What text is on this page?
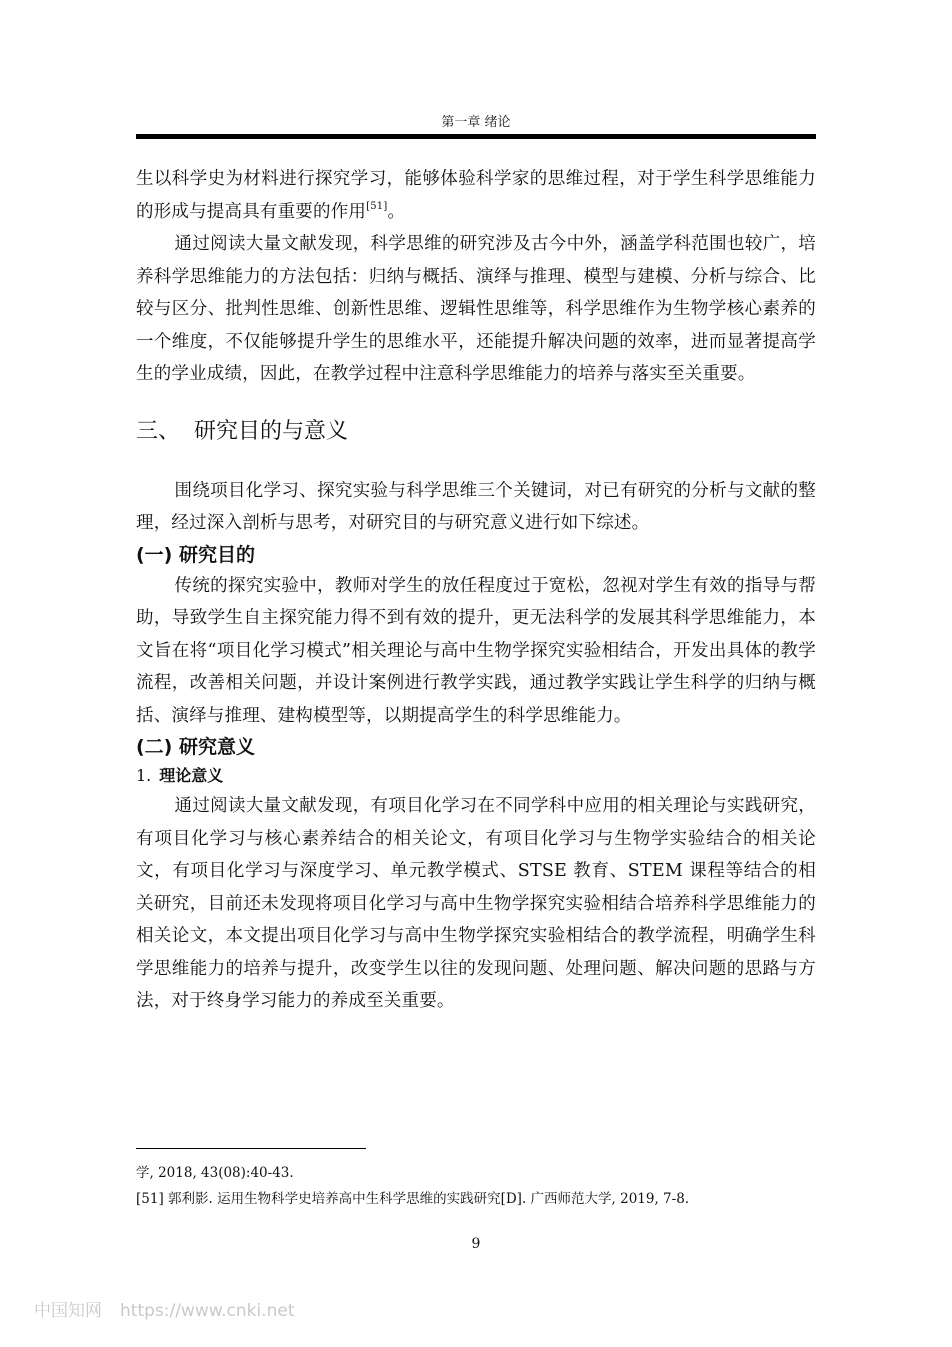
第一章 绪论

生以科学史为材料进行探究学习，能够体验科学家的思维过程，对于学生科学思维能力的形成与提高具有重要的作用[51]。

通过阅读大量文献发现，科学思维的研究涉及古今中外，涵盖学科范围也较广，培养科学思维能力的方法包括：归纳与概括、演绎与推理、模型与建模、分析与综合、比较与区分、批判性思维、创新性思维、逻辑性思维等，科学思维作为生物学核心素养的一个维度，不仅能够提升学生的思维水平，还能提升解决问题的效率，进而显著提高学生的学业成绩，因此，在教学过程中注意科学思维能力的培养与落实至关重要。

三、 研究目的与意义

围绕项目化学习、探究实验与科学思维三个关键词，对已有研究的分析与文献的整理，经过深入剖析与思考，对研究目的与研究意义进行如下综述。

(一) 研究目的

传统的探究实验中，教师对学生的放任程度过于宽松，忽视对学生有效的指导与帮助，导致学生自主探究能力得不到有效的提升，更无法科学的发展其科学思维能力，本文旨在将“项目化学习模式”相关理论与高中生物学探究实验相结合，开发出具体的教学流程，改善相关问题，并设计案例进行教学实践，通过教学实践让学生科学的归纳与概括、演绎与推理、建构模型等，以期提高学生的科学思维能力。

(二) 研究意义
1. 理论意义

通过阅读大量文献发现，有项目化学习在不同学科中应用的相关理论与实践研究，有项目化学习与核心素养结合的相关论文，有项目化学习与生物学实验结合的相关论文，有项目化学习与深度学习、单元教学模式、STSE 教育、STEM 课程等结合的相关研究，目前还未发现将项目化学习与高中生物学探究实验相结合培养科学思维能力的相关论文，本文提出项目化学习与高中生物学探究实验相结合的教学流程，明确学生科学思维能力的培养与提升，改变学生以往的发现问题、处理问题、解决问题的思路与方法，对于终身学习能力的养成至关重要。

学, 2018, 43(08):40-43.
[51] 郭利影. 运用生物科学史培养高中生科学思维的实践研究[D]. 广西师范大学, 2019, 7-8.
9
中国知网 https://www.cnki.net
